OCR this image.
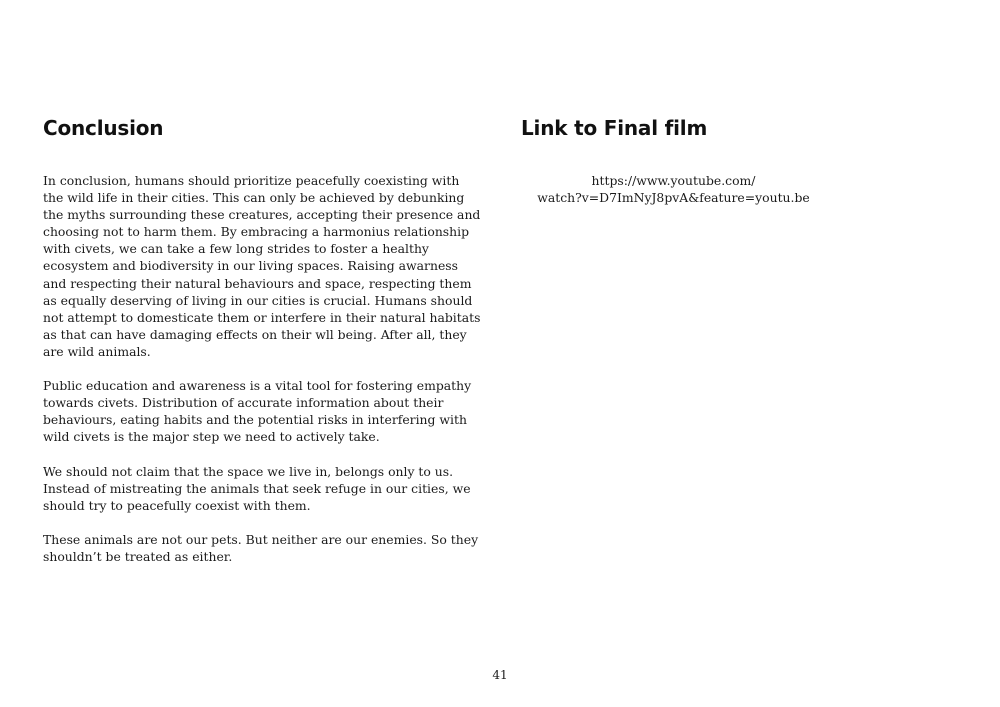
Conclusion

In conclusion, humans should prioritize peacefully coexisting with
the wild life in their cities. This can only be achieved by debunking
the myths surrounding these creatures, accepting their presence and
choosing not to harm them. By embracing a harmonius relationship
with civets, we can take a few long strides to foster a healthy
ecosystem and biodiversity in our living spaces. Raising awarness
and respecting their natural behaviours and space, respecting them
as equally deserving of living in our cities is crucial. Humans should
not attempt to domesticate them or interfere in their natural habitats
as that can have damaging effects on their wll being. After all, they
are wild animals.

Public education and awareness is a vital tool for fostering empathy
towards civets. Distribution of accurate information about their
behaviours, eating habits and the potential risks in interfering with
wild civets is the major step we need to actively take.

We should not claim that the space we live in, belongs only to us.
Instead of mistreating the animals that seek refuge in our cities, we
should try to peacefully coexist with them.

These animals are not our pets. But neither are our enemies. So they
shouldn’t be treated as either.

Link to Final film
https://www.youtube.com/
watch?v=D7ImNyJ8pvA&feature=youtu.be
41
